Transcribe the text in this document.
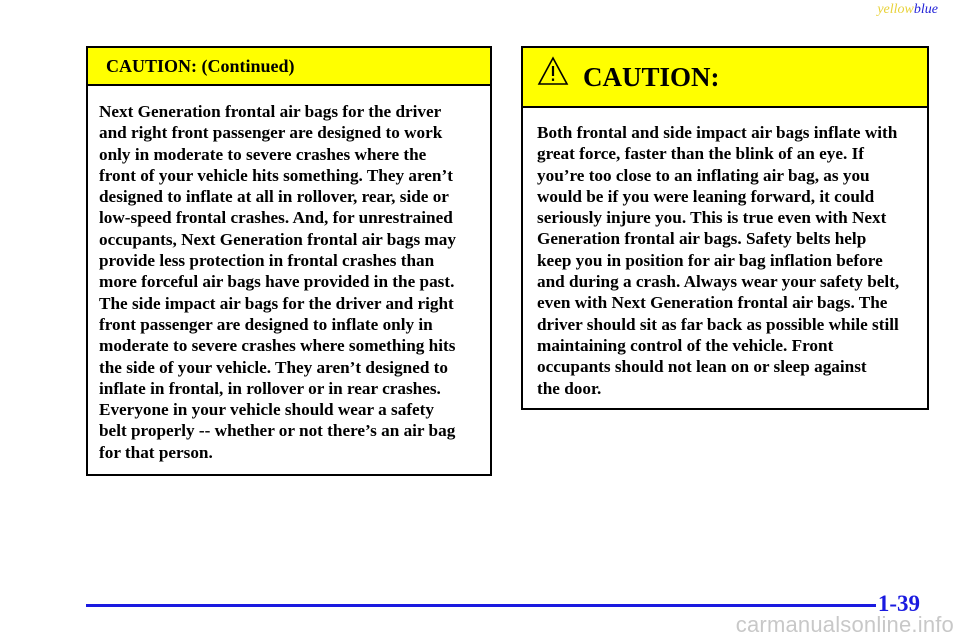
yellowblue
CAUTION: (Continued)
Next Generation frontal air bags for the driver
and right front passenger are designed to work
only in moderate to severe crashes where the
front of your vehicle hits something. They aren’t
designed to inflate at all in rollover, rear, side or
low-speed frontal crashes. And, for unrestrained
occupants, Next Generation frontal air bags may
provide less protection in frontal crashes than
more forceful air bags have provided in the past.
The side impact air bags for the driver and right
front passenger are designed to inflate only in
moderate to severe crashes where something hits
the side of your vehicle. They aren’t designed to
inflate in frontal, in rollover or in rear crashes.
Everyone in your vehicle should wear a safety
belt properly -- whether or not there’s an air bag
for that person.
CAUTION:
Both frontal and side impact air bags inflate with
great force, faster than the blink of an eye. If
you’re too close to an inflating air bag, as you
would be if you were leaning forward, it could
seriously injure you. This is true even with Next
Generation frontal air bags. Safety belts help
keep you in position for air bag inflation before
and during a crash. Always wear your safety belt,
even with Next Generation frontal air bags. The
driver should sit as far back as possible while still
maintaining control of the vehicle. Front
occupants should not lean on or sleep against
the door.
1-39
carmanualsonline.info
